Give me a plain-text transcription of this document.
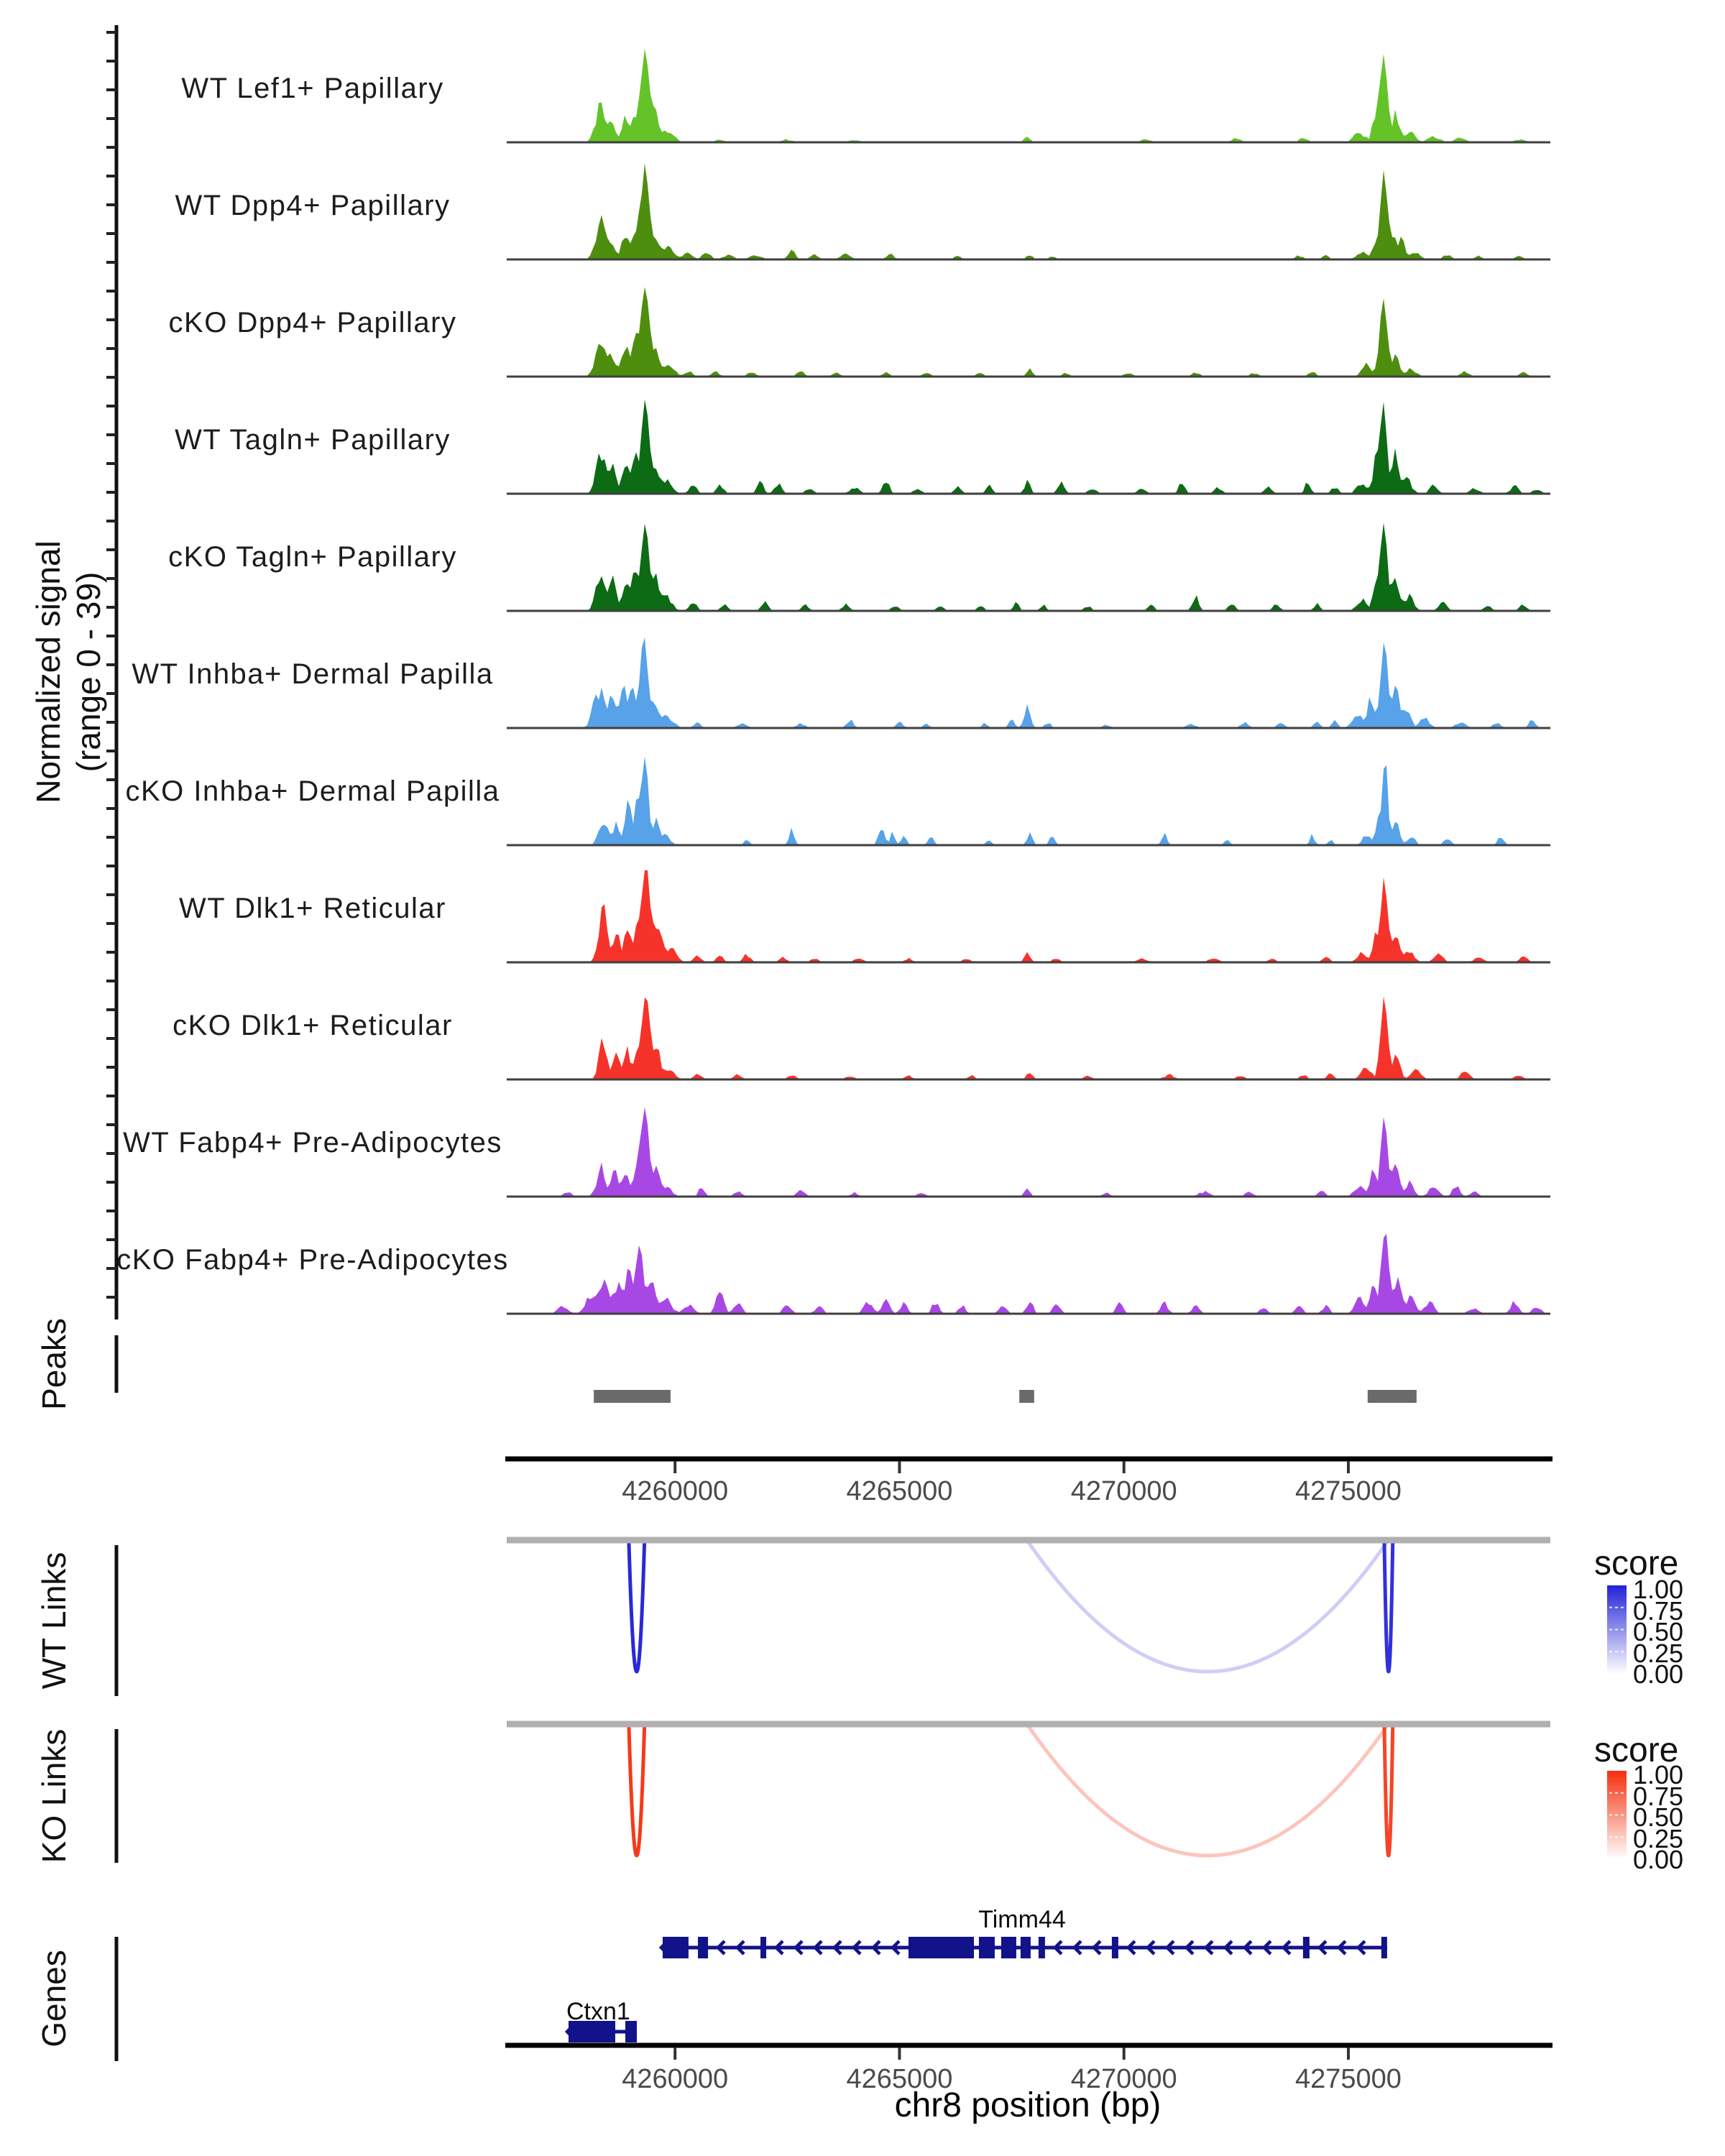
Normalized signal (range 0 - 39)
WT Lef1+ Papillary
WT Dpp4+ Papillary
cKO Dpp4+ Papillary
WT Tagln+ Papillary
cKO Tagln+ Papillary
WT Inhba+ Dermal Papilla
cKO Inhba+ Dermal Papilla
WT Dlk1+ Reticular
cKO Dlk1+ Reticular
WT Fabp4+ Pre-Adipocytes
cKO Fabp4+ Pre-Adipocytes
Peaks
WT Links
KO Links
Genes
4260000	4265000	4270000	4275000
4260000	4265000	4270000	4275000
chr8 position (bp)
score
1.00
0.75
0.50
0.25
0.00
score
1.00
0.75
0.50
0.25
0.00
Timm44
Ctxn1
